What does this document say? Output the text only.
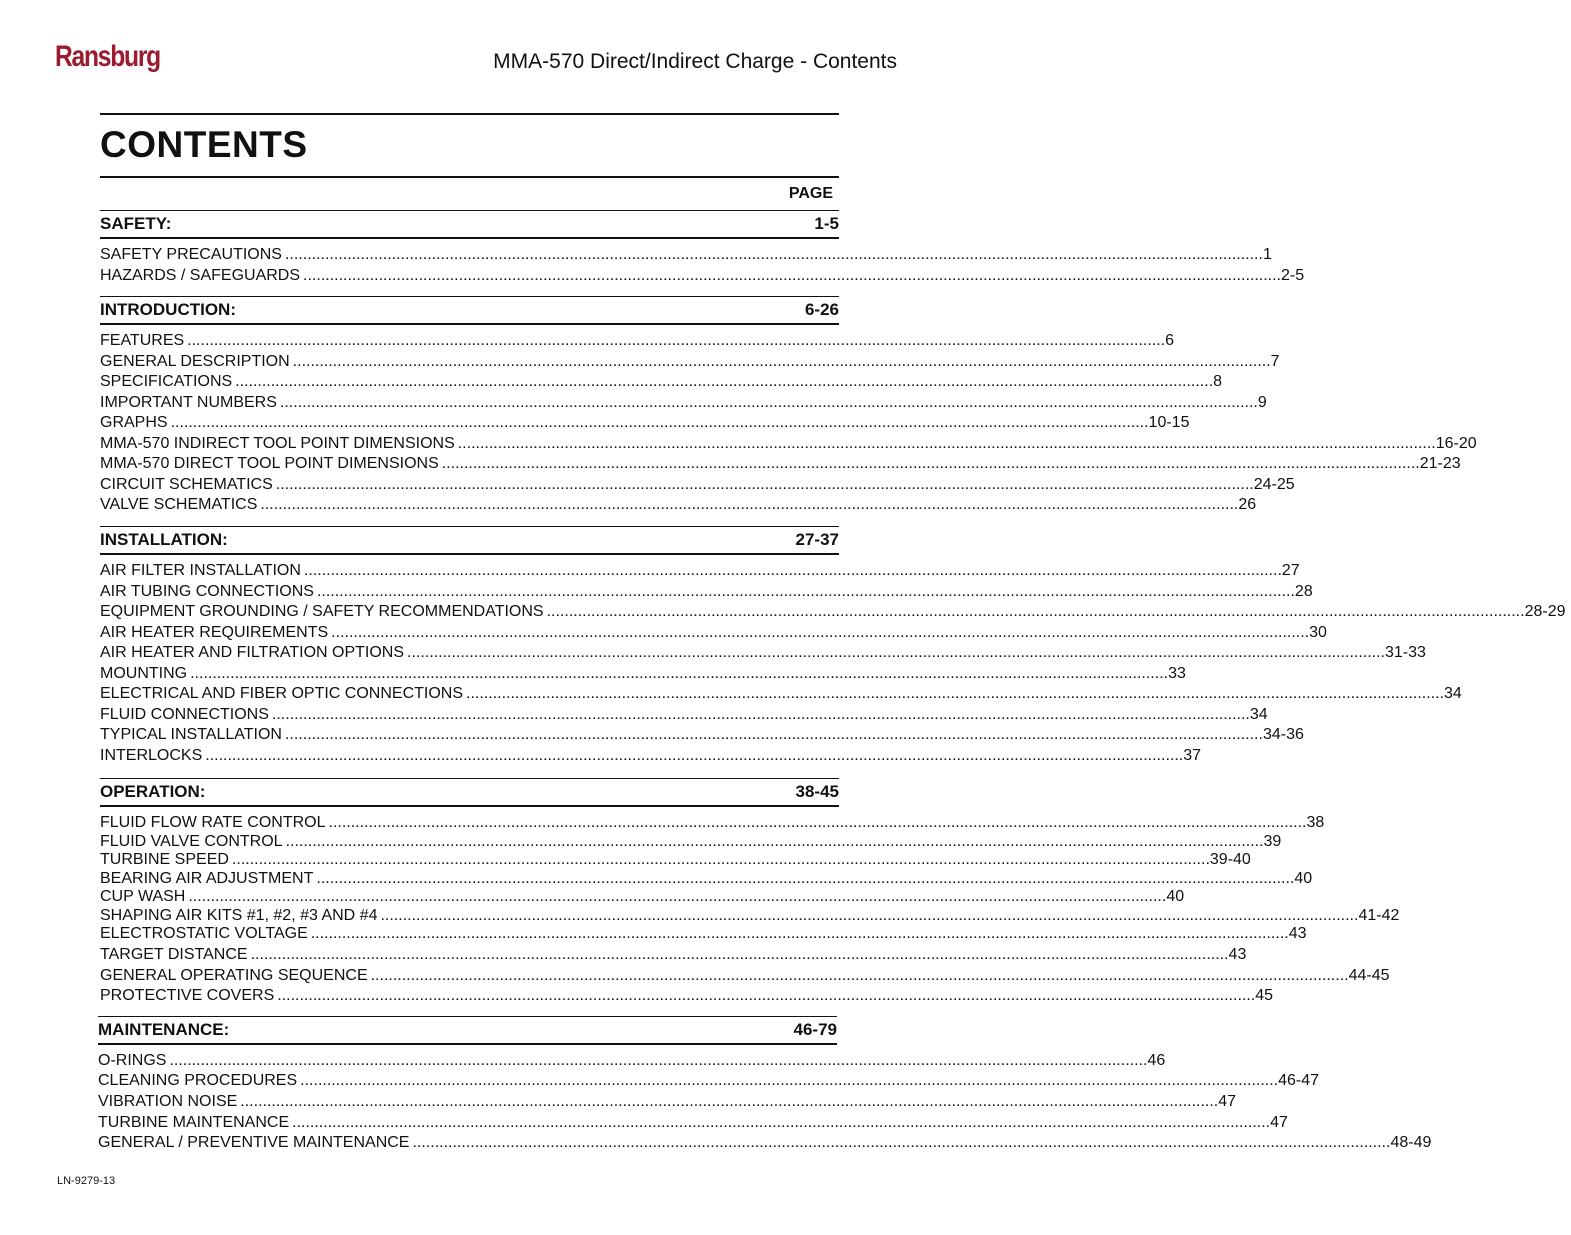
Ransburg	MMA-570 Direct/Indirect Charge - Contents
CONTENTS
PAGE
SAFETY:	1-5
SAFETY PRECAUTIONS ............................................................................................................................................................................................................................ 1
HAZARDS / SAFEGUARDS ............................................................................................................................................................................................................................ 2-5
INTRODUCTION:	6-26
FEATURES ............................................................................................................................................................................................................................ 6
GENERAL DESCRIPTION ............................................................................................................................................................................................................................ 7
SPECIFICATIONS ............................................................................................................................................................................................................................ 8
IMPORTANT NUMBERS ............................................................................................................................................................................................................................ 9
GRAPHS ............................................................................................................................................................................................................................ 10-15
MMA-570 INDIRECT TOOL POINT DIMENSIONS ............................................................................................................................................................................................................................ 16-20
MMA-570 DIRECT TOOL POINT DIMENSIONS ............................................................................................................................................................................................................................ 21-23
CIRCUIT SCHEMATICS ............................................................................................................................................................................................................................ 24-25
VALVE SCHEMATICS ............................................................................................................................................................................................................................ 26
INSTALLATION:	27-37
AIR FILTER INSTALLATION ............................................................................................................................................................................................................................ 27
AIR TUBING CONNECTIONS ............................................................................................................................................................................................................................ 28
EQUIPMENT GROUNDING / SAFETY RECOMMENDATIONS ............................................................................................................................................................................................................................ 28-29
AIR HEATER REQUIREMENTS ............................................................................................................................................................................................................................ 30
AIR HEATER AND FILTRATION OPTIONS ............................................................................................................................................................................................................................ 31-33
MOUNTING ............................................................................................................................................................................................................................ 33
ELECTRICAL AND FIBER OPTIC CONNECTIONS ............................................................................................................................................................................................................................ 34
FLUID CONNECTIONS ............................................................................................................................................................................................................................ 34
TYPICAL INSTALLATION ............................................................................................................................................................................................................................ 34-36
INTERLOCKS ............................................................................................................................................................................................................................ 37
OPERATION:	38-45
FLUID FLOW RATE CONTROL ............................................................................................................................................................................................................................ 38
FLUID VALVE CONTROL ............................................................................................................................................................................................................................ 39
TURBINE SPEED ............................................................................................................................................................................................................................ 39-40
BEARING AIR ADJUSTMENT ............................................................................................................................................................................................................................ 40
CUP WASH ............................................................................................................................................................................................................................ 40
SHAPING AIR KITS #1, #2, #3 AND #4 ............................................................................................................................................................................................................................ 41-42
ELECTROSTATIC VOLTAGE ............................................................................................................................................................................................................................ 43
TARGET DISTANCE ............................................................................................................................................................................................................................ 43
GENERAL OPERATING SEQUENCE ............................................................................................................................................................................................................................ 44-45
PROTECTIVE COVERS ............................................................................................................................................................................................................................ 45
MAINTENANCE:	46-79
O-RINGS ............................................................................................................................................................................................................................ 46
CLEANING PROCEDURES ............................................................................................................................................................................................................................ 46-47
VIBRATION NOISE ............................................................................................................................................................................................................................ 47
TURBINE MAINTENANCE ............................................................................................................................................................................................................................ 47
GENERAL / PREVENTIVE MAINTENANCE ............................................................................................................................................................................................................................ 48-49
LN-9279-13
